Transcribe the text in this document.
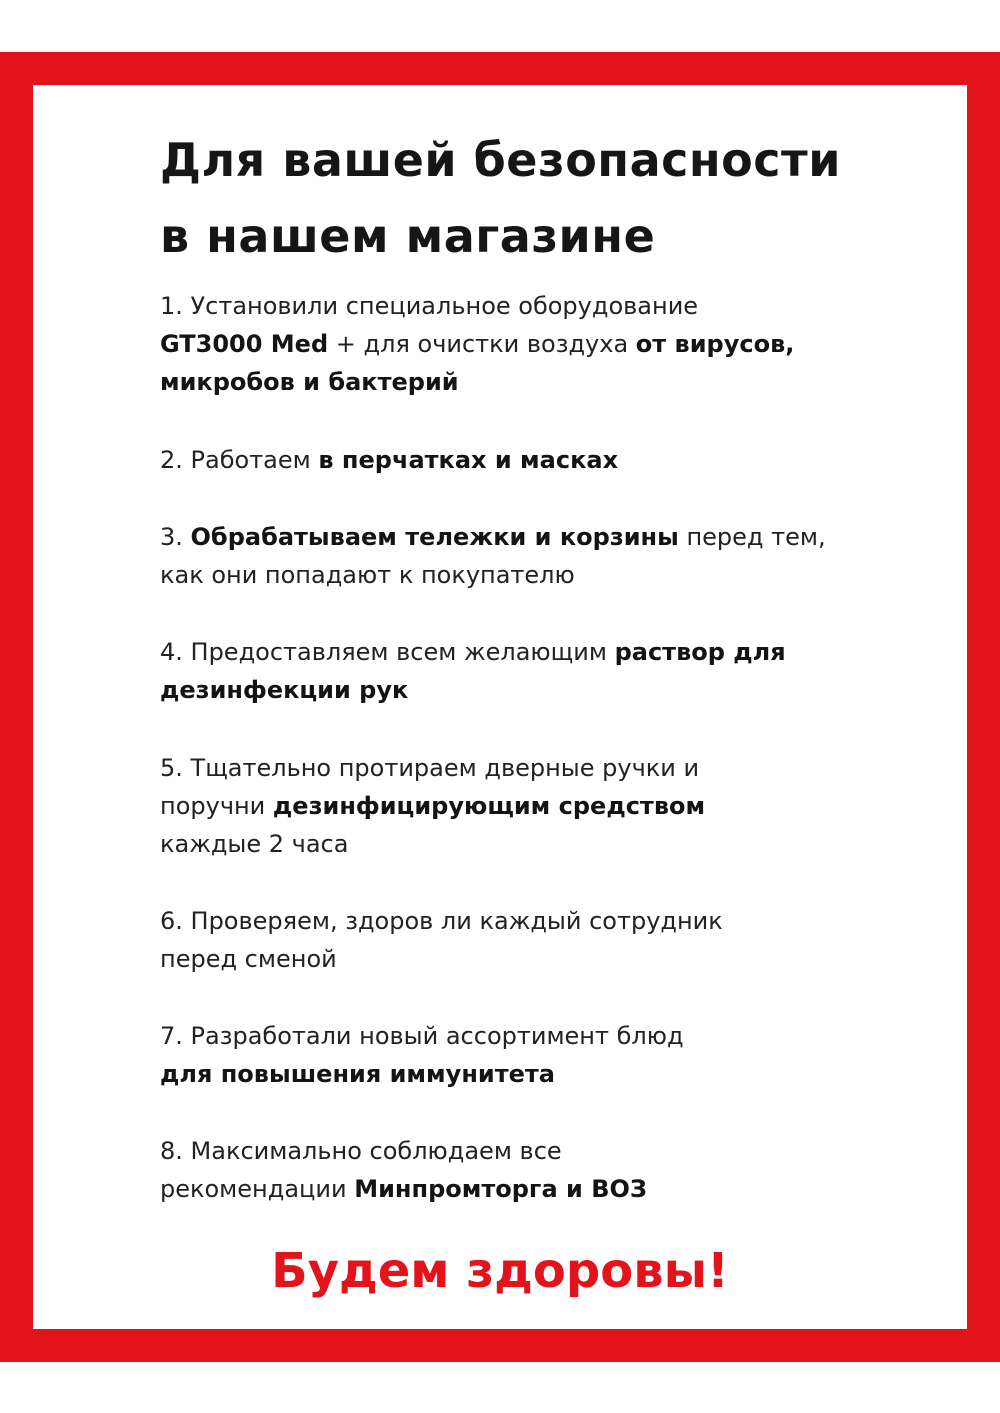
Для вашей безопасности
в нашем магазине
1. Установили специальное оборудование
GT3000 Med + для очистки воздуха от вирусов,
микробов и бактерий
2. Работаем в перчатках и масках
3. Обрабатываем тележки и корзины перед тем,
как они попадают к покупателю
4. Предоставляем всем желающим раствор для
дезинфекции рук
5. Тщательно протираем дверные ручки и
поручни дезинфицирующим средством
каждые 2 часа
6. Проверяем, здоров ли каждый сотрудник
перед сменой
7. Разработали новый ассортимент блюд
для повышения иммунитета
8. Максимально соблюдаем все
рекомендации Минпромторга и ВОЗ
Будем здоровы!
